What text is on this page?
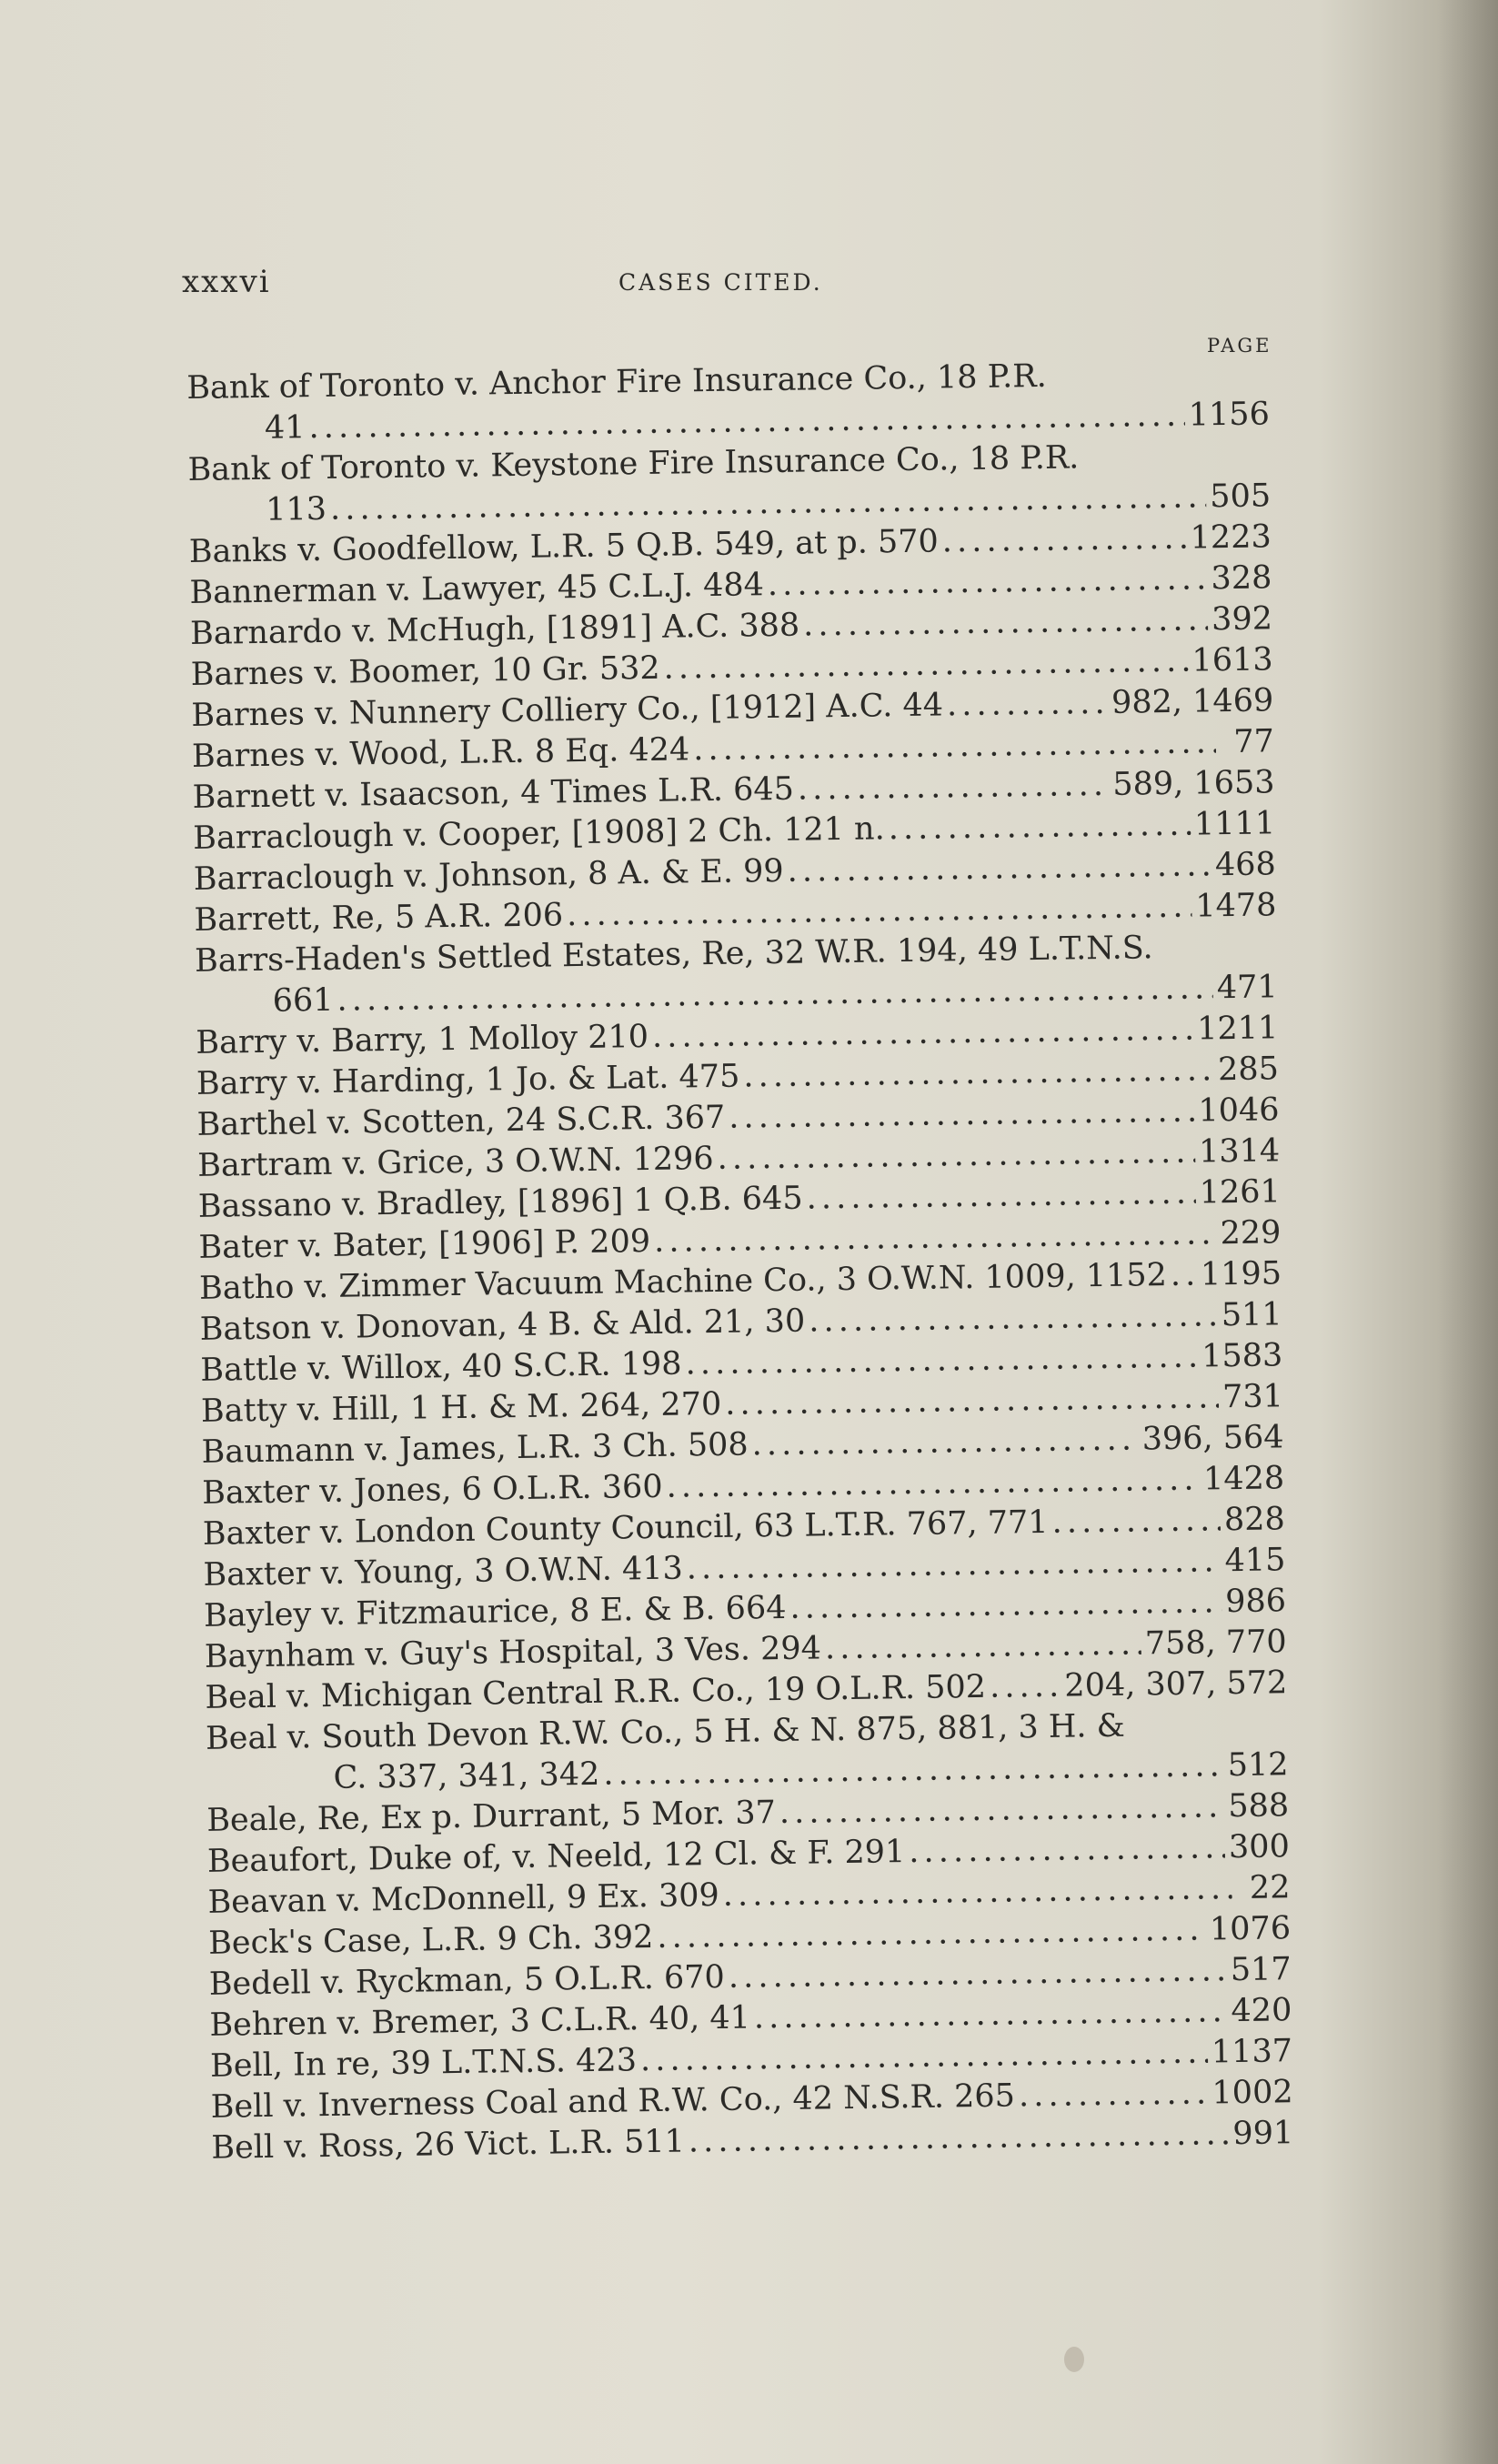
xxxvi	CASES CITED.
PAGE
Bank of Toronto v. Anchor Fire Insurance Co., 18 P.R.
41 . . .	1156
Bank of Toronto v. Keystone Fire Insurance Co., 18 P.R.
113 . . .	505
Banks v. Goodfellow, L.R. 5 Q.B. 549, at p. 570 . . .	1223
Bannerman v. Lawyer, 45 C.L.J. 484 . . .	328
Barnardo v. McHugh, [1891] A.C. 388 . . .	392
Barnes v. Boomer, 10 Gr. 532 . . .	1613
Barnes v. Nunnery Colliery Co., [1912] A.C. 44 . . .	982, 1469
Barnes v. Wood, L.R. 8 Eq. 424 . . .	77
Barnett v. Isaacson, 4 Times L.R. 645 . . .	589, 1653
Barraclough v. Cooper, [1908] 2 Ch. 121 n. . . .	1111
Barraclough v. Johnson, 8 A. & E. 99 . . .	468
Barrett, Re, 5 A.R. 206 . . .	1478
Barrs-Haden's Settled Estates, Re, 32 W.R. 194, 49 L.T.N.S.
661 . . .	471
Barry v. Barry, 1 Molloy 210 . . .	1211
Barry v. Harding, 1 Jo. & Lat. 475 . . .	285
Barthel v. Scotten, 24 S.C.R. 367 . . .	1046
Bartram v. Grice, 3 O.W.N. 1296 . . .	1314
Bassano v. Bradley, [1896] 1 Q.B. 645 . . .	1261
Bater v. Bater, [1906] P. 209 . . .	229
Batho v. Zimmer Vacuum Machine Co., 3 O.W.N. 1009, 1152 . . . 1195
Batson v. Donovan, 4 B. & Ald. 21, 30 . . .	511
Battle v. Willox, 40 S.C.R. 198 . . .	1583
Batty v. Hill, 1 H. & M. 264, 270 . . .	731
Baumann v. James, L.R. 3 Ch. 508 . . .	396, 564
Baxter v. Jones, 6 O.L.R. 360 . . .	1428
Baxter v. London County Council, 63 L.T.R. 767, 771 . . .	828
Baxter v. Young, 3 O.W.N. 413 . . .	415
Bayley v. Fitzmaurice, 8 E. & B. 664 . . .	986
Baynham v. Guy's Hospital, 3 Ves. 294 . . .	758, 770
Beal v. Michigan Central R.R. Co., 19 O.L.R. 502 . . . 204, 307, 572
Beal v. South Devon R.W. Co., 5 H. & N. 875, 881, 3 H. &
C. 337, 341, 342 . . .	512
Beale, Re, Ex p. Durrant, 5 Mor. 37 . . .	588
Beaufort, Duke of, v. Neeld, 12 Cl. & F. 291 . . .	300
Beavan v. McDonnell, 9 Ex. 309 . . .	22
Beck's Case, L.R. 9 Ch. 392 . . .	1076
Bedell v. Ryckman, 5 O.L.R. 670 . . .	517
Behren v. Bremer, 3 C.L.R. 40, 41 . . .	420
Bell, In re, 39 L.T.N.S. 423 . . .	1137
Bell v. Inverness Coal and R.W. Co., 42 N.S.R. 265 . . .	1002
Bell v. Ross, 26 Vict. L.R. 511 . . .	991
